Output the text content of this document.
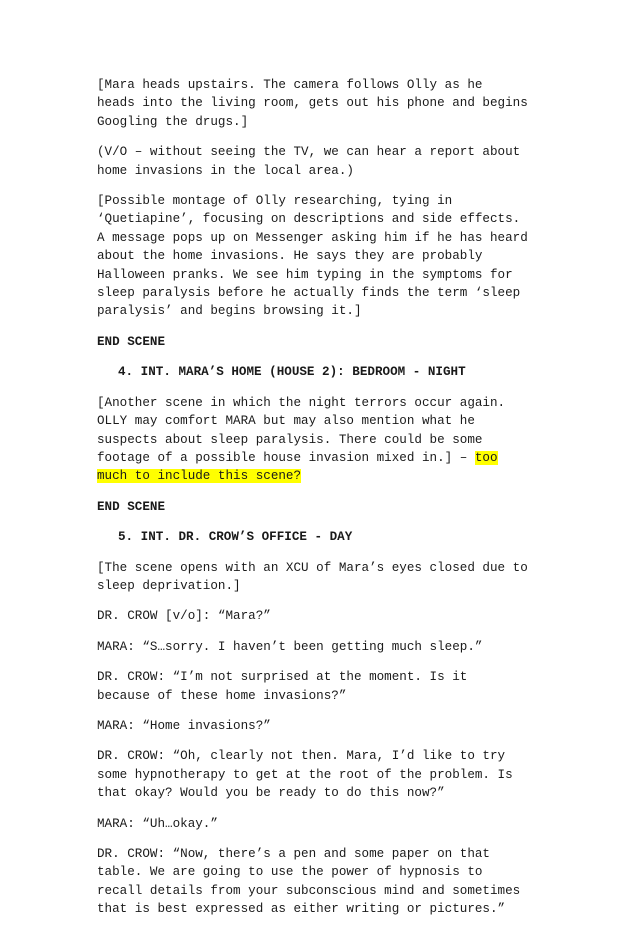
[Mara heads upstairs. The camera follows Olly as he
heads into the living room, gets out his phone and begins
Googling the drugs.]

(V/O – without seeing the TV, we can hear a report about
home invasions in the local area.)

[Possible montage of Olly researching, tying in
‘Quetiapine’, focusing on descriptions and side effects.
A message pops up on Messenger asking him if he has heard
about the home invasions. He says they are probably
Halloween pranks. We see him typing in the symptoms for
sleep paralysis before he actually finds the term ‘sleep
paralysis’ and begins browsing it.]

END SCENE

4. INT. MARA’S HOME (HOUSE 2): BEDROOM - NIGHT

[Another scene in which the night terrors occur again.
OLLY may comfort MARA but may also mention what he
suspects about sleep paralysis. There could be some
footage of a possible house invasion mixed in.] – too
much to include this scene?

END SCENE

5. INT. DR. CROW’S OFFICE - DAY

[The scene opens with an XCU of Mara’s eyes closed due to
sleep deprivation.]

DR. CROW [v/o]: “Mara?”

MARA: “S…sorry. I haven’t been getting much sleep.”

DR. CROW: “I’m not surprised at the moment. Is it
because of these home invasions?”

MARA: “Home invasions?”

DR. CROW: “Oh, clearly not then. Mara, I’d like to try
some hypnotherapy to get at the root of the problem. Is
that okay? Would you be ready to do this now?”

MARA: “Uh…okay.”

DR. CROW: “Now, there’s a pen and some paper on that
table. We are going to use the power of hypnosis to
recall details from your subconscious mind and sometimes
that is best expressed as either writing or pictures.”
